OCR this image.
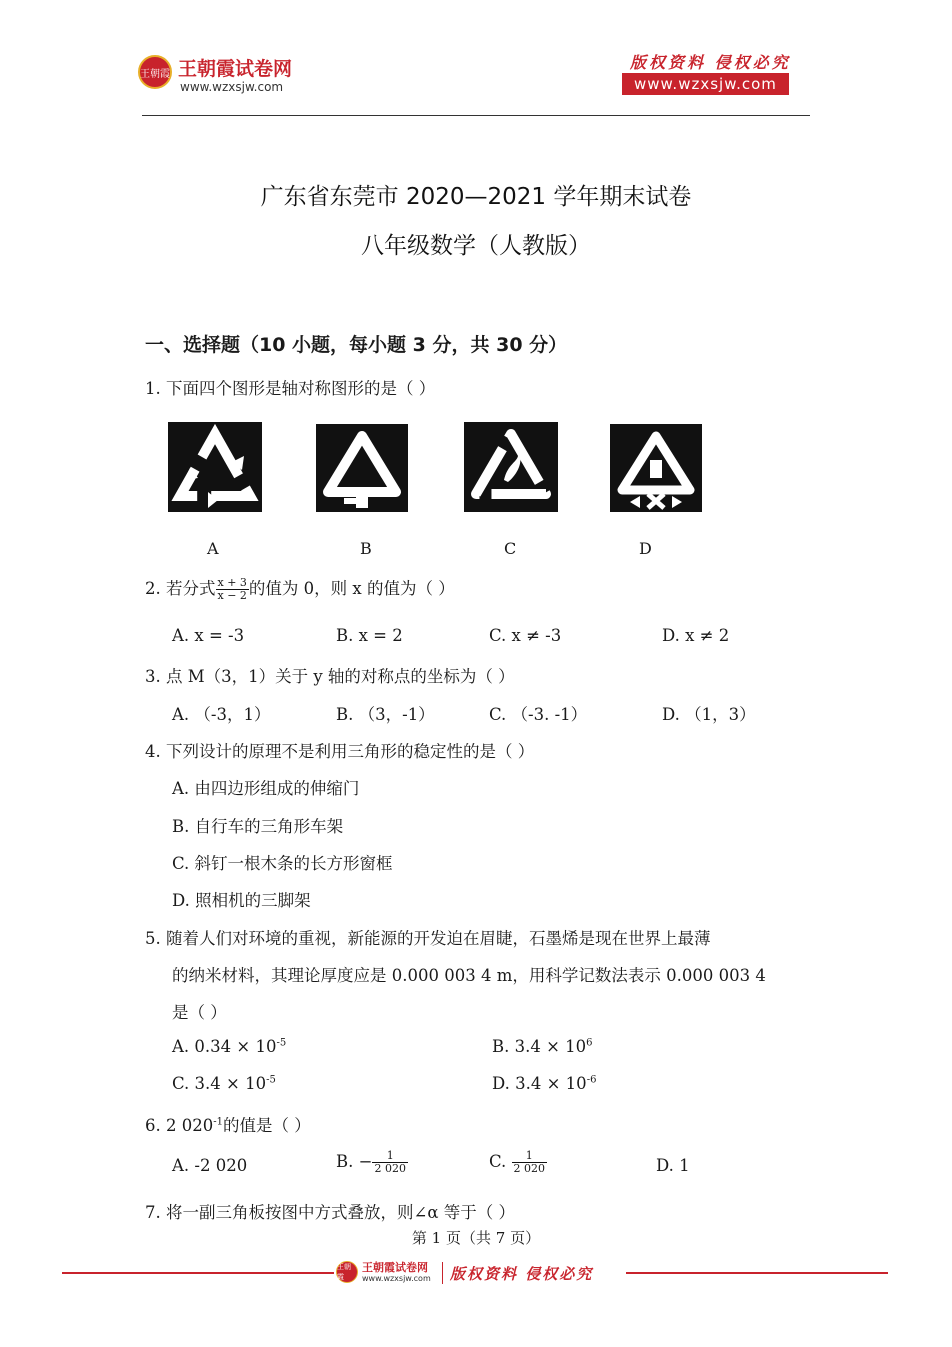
王朝霞 王朝霞试卷网
www.wzxsjw.com
版权资料 侵权必究
www.wzxsjw.com
广东省东莞市 2020—2021 学年期末试卷
八年级数学（人教版）
一、选择题（10 小题，每小题 3 分，共 30 分）
1. 下面四个图形是轴对称图形的是（ ）
A	B	C	D
2. 若分式 $\frac{x + 3}{x - 2}$ 的值为 0，则 x 的值为（ ）
A. x = -3	B. x = 2	C. x ≠ -3	D. x ≠ 2
3. 点 M（3，1）关于 y 轴的对称点的坐标为（ ）
A. （-3，1）	B. （3，-1）	C. （-3. -1）	D. （1，3）
4. 下列设计的原理不是利用三角形的稳定性的是（ ）
A. 由四边形组成的伸缩门
B. 自行车的三角形车架
C. 斜钉一根木条的长方形窗框
D. 照相机的三脚架
5. 随着人们对环境的重视，新能源的开发迫在眉睫，石墨烯是现在世界上最薄
的纳米材料，其理论厚度应是 0.000 003 4 m，用科学记数法表示 0.000 003 4
是（ ）
A. $0.34 \times 10^{-5}$	B. $3.4 \times 10^6$
C. $3.4 \times 10^{-5}$	D. $3.4 \times 10^{-6}$
6. 2 $020^{-1}$的值是（ ）
A. -2 020	B. − $\frac{1}{2 020}$	C. $\frac{1}{2 020}$	D. 1
7. 将一副三角板按图中方式叠放，则∠α 等于（ ）
第 1 页（共 7 页）
王朝霞
王朝霞试卷网
www.wzxsjw.com 版权资料 侵权必究
